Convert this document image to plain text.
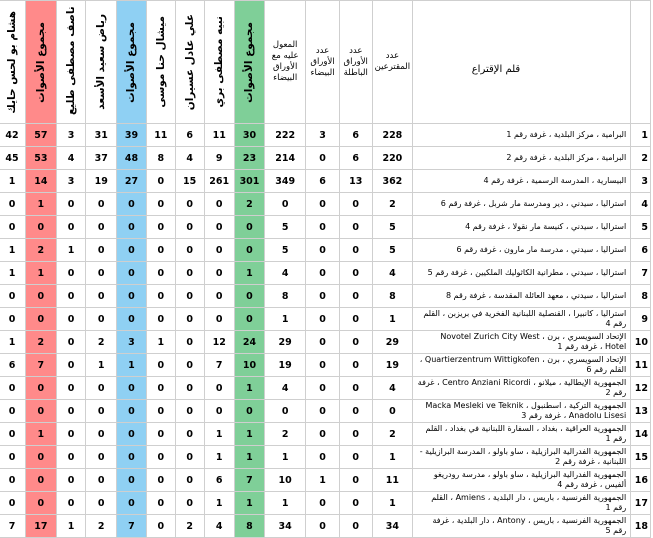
هشام بو لحس حايك	مجموع الأصوات	ناصف مصطفى طليع	رياض سعيد الأسعد	مجموع الأصوات	ميشال حنا موسى	علي عادل عسيران	نبيه مصطفى بري	مجموع الأصوات	المعول عليه مع الأوراق البيضاء	عدد الأوراق البيضاء	عدد الأوراق الباطلة	عدد المقترعين	قلم الإقتراع	
42	57	3	31	39	11	6	11	30	222	3	6	228	البرامية ، مركز البلدية ، غرفة رقم 1	1
45	53	4	37	48	8	4	9	23	214	0	6	220	البرامية ، مركز البلدية ، غرفة رقم 2	2
1	14	3	19	27	0	15	261	301	349	6	13	362	البيسارية ، المدرسة الرسمية ، غرفة رقم 4	3
0	1	0	0	0	0	0	0	2	0	0	0	2	استراليا ، سيدني ، دير ومدرسة مار شربل ، غرفة رقم 6	4
0	0	0	0	0	0	0	0	0	5	0	0	5	استراليا ، سيدني ، كنيسة مار نقولا ، غرفة رقم 4	5
1	2	1	0	0	0	0	0	0	5	0	0	5	استراليا ، سيدني ، مدرسة مار مارون ، غرفة رقم 6	6
1	1	0	0	0	0	0	0	1	4	0	0	4	استراليا ، سيدني ، مطرانية الكاثوليك الملكيين ، غرفة رقم 5	7
0	0	0	0	0	0	0	0	0	8	0	0	8	استراليا ، سيدني ، معهد العائلة المقدسة ، غرفة رقم 8	8
0	0	0	0	0	0	0	0	0	1	0	0	1	استراليا ، كانبيرا ، القنصلية اللبنانية الفخرية في بريزبن ، القلم رقم 4	9
1	2	0	2	3	1	0	12	24	29	0	0	29	الإتحاد السويسري ، برن ، Novotel Zurich City West Hotel ، غرفة رقم 1	10
6	7	0	1	1	0	0	7	10	19	0	0	19	الإتحاد السويسري ، برن ، Quartierzentrum Wittigkofen ، القلم رقم 6	11
0	0	0	0	0	0	0	0	1	4	0	0	4	الجمهورية الإيطالية ، ميلانو ، Centro Anziani Ricordi ، غرفة رقم 2	12
0	0	0	0	0	0	0	0	0	0	0	0	0	الجمهورية التركية ، اسطنبول ، Macka Mesleki ve Teknik Anadolu Lisesi ، غرفة رقم 3	13
0	1	0	0	0	0	0	1	1	2	0	0	2	الجمهورية العراقية ، بغداد ، السفارة اللبنانية في بغداد ، القلم رقم 1	14
0	0	0	0	0	0	0	1	1	1	0	0	1	الجمهورية الفدرالية البرازيلية ، ساو باولو ، المدرسة البرازيلية - اللبنانية ، غرفة رقم 2	15
0	0	0	0	0	0	0	6	7	10	1	0	11	الجمهورية الفدرالية البرازيلية ، ساو باولو ، مدرسة رودريغو ألفيس ، غرفة رقم 4	16
0	0	0	0	0	0	0	1	1	1	0	0	1	الجمهورية الفرنسية ، باريس ، دار البلدية ، Amiens ، القلم رقم 1	17
7	17	1	2	7	0	2	4	8	34	0	0	34	الجمهورية الفرنسية ، باريس ، Antony ، دار البلدية ، غرفة رقم 5	18
